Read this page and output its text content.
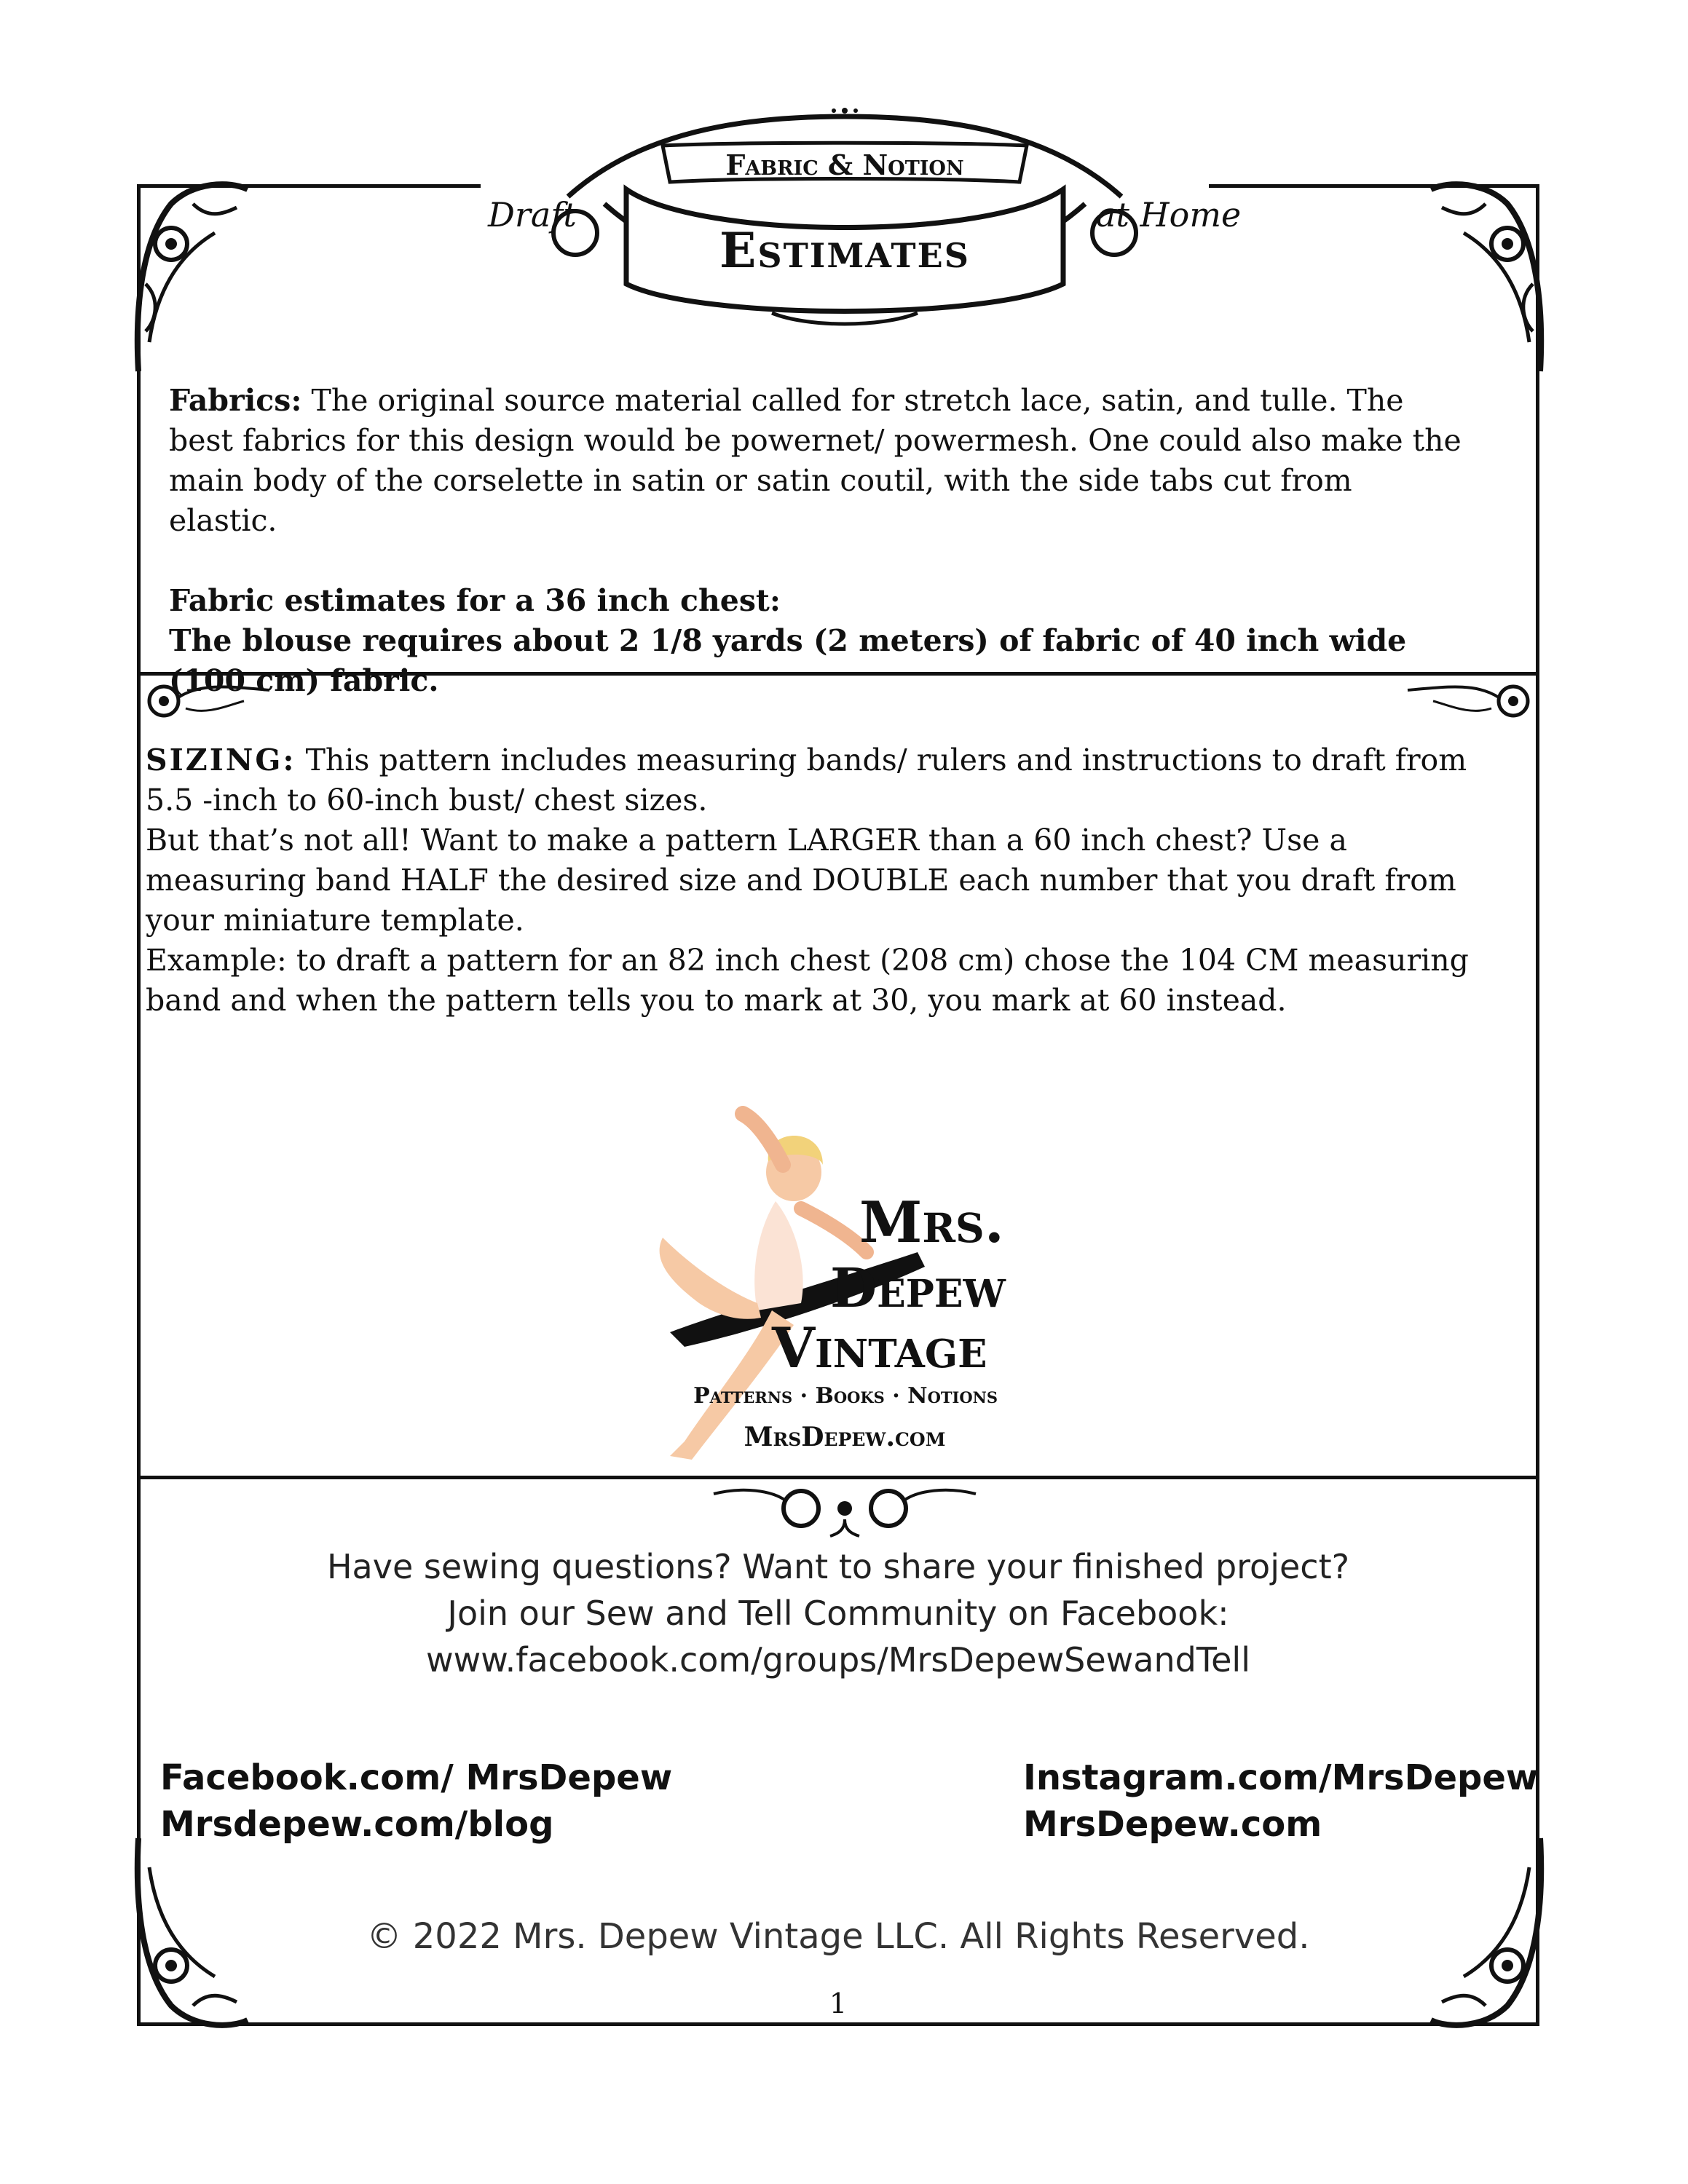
Fabric & Notion
Estimates
Draft	at Home

Fabrics: The original source material called for stretch lace, satin, and tulle. The best fabrics for this design would be powernet/ powermesh. One could also make the main body of the corselette in satin or satin coutil, with the side tabs cut from elastic.

Fabric estimates for a 36 inch chest:

The blouse requires about 2 1/8 yards (2 meters) of fabric of 40 inch wide (100 cm) fabric.

SIZING: This pattern includes measuring bands/ rulers and instructions to draft from 5.5 -inch to 60-inch bust/ chest sizes.

But that’s not all! Want to make a pattern LARGER than a 60 inch chest? Use a measuring band HALF the desired size and DOUBLE each number that you draft from your miniature template.

Example: to draft a pattern for an 82 inch chest (208 cm) chose the 104 CM measuring band and when the pattern tells you to mark at 30, you mark at 60 instead.

Mrs.
Depew
Vintage
Patterns · Books · Notions
MrsDepew.com
Have sewing questions? Want to share your finished project?
Join our Sew and Tell Community on Facebook:
www.facebook.com/groups/MrsDepewSewandTell
Facebook.com/ MrsDepew
Mrsdepew.com/blog
Instagram.com/MrsDepew
MrsDepew.com
© 2022 Mrs. Depew Vintage LLC. All Rights Reserved.
1
